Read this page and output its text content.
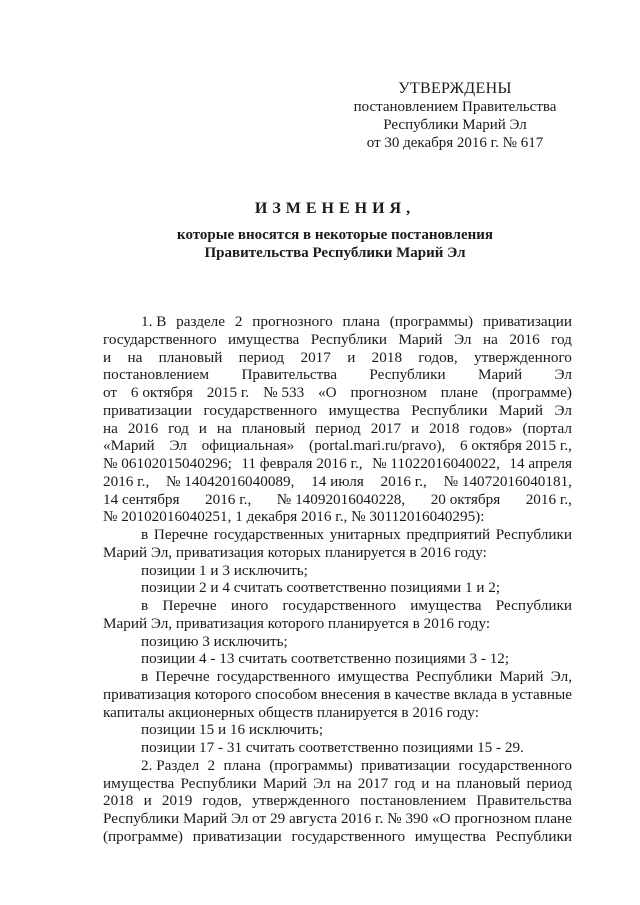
УТВЕРЖДЕНЫ
постановлением Правительства
Республики Марий Эл
от 30 декабря 2016 г. № 617
ИЗМЕНЕНИЯ,
которые вносятся в некоторые постановления
Правительства Республики Марий Эл
1. В разделе 2 прогнозного плана (программы) приватизации
государственного имущества Республики Марий Эл на 2016 год
и на плановый период 2017 и 2018 годов, утвержденного
постановлением Правительства Республики Марий Эл
от 6 октября 2015 г. № 533 «О прогнозном плане (программе)
приватизации государственного имущества Республики Марий Эл
на 2016 год и на плановый период 2017 и 2018 годов» (портал
«Марий Эл официальная» (portal.mari.ru/pravo), 6 октября 2015 г.,
№ 06102015040296; 11 февраля 2016 г., № 11022016040022, 14 апреля
2016 г., № 14042016040089, 14 июля 2016 г., № 14072016040181,
14 сентября 2016 г., № 14092016040228, 20 октября 2016 г.,
№ 20102016040251, 1 декабря 2016 г., № 30112016040295):
в Перечне государственных унитарных предприятий Республики
Марий Эл, приватизация которых планируется в 2016 году:
позиции 1 и 3 исключить;
позиции 2 и 4 считать соответственно позициями 1 и 2;
в Перечне иного государственного имущества Республики
Марий Эл, приватизация которого планируется в 2016 году:
позицию 3 исключить;
позиции 4 - 13 считать соответственно позициями 3 - 12;
в Перечне государственного имущества Республики Марий Эл,
приватизация которого способом внесения в качестве вклада в уставные
капиталы акционерных обществ планируется в 2016 году:
позиции 15 и 16 исключить;
позиции 17 - 31 считать соответственно позициями 15 - 29.
2. Раздел 2 плана (программы) приватизации государственного
имущества Республики Марий Эл на 2017 год и на плановый период
2018 и 2019 годов, утвержденного постановлением Правительства
Республики Марий Эл от 29 августа 2016 г. № 390 «О прогнозном плане
(программе) приватизации государственного имущества Республики
